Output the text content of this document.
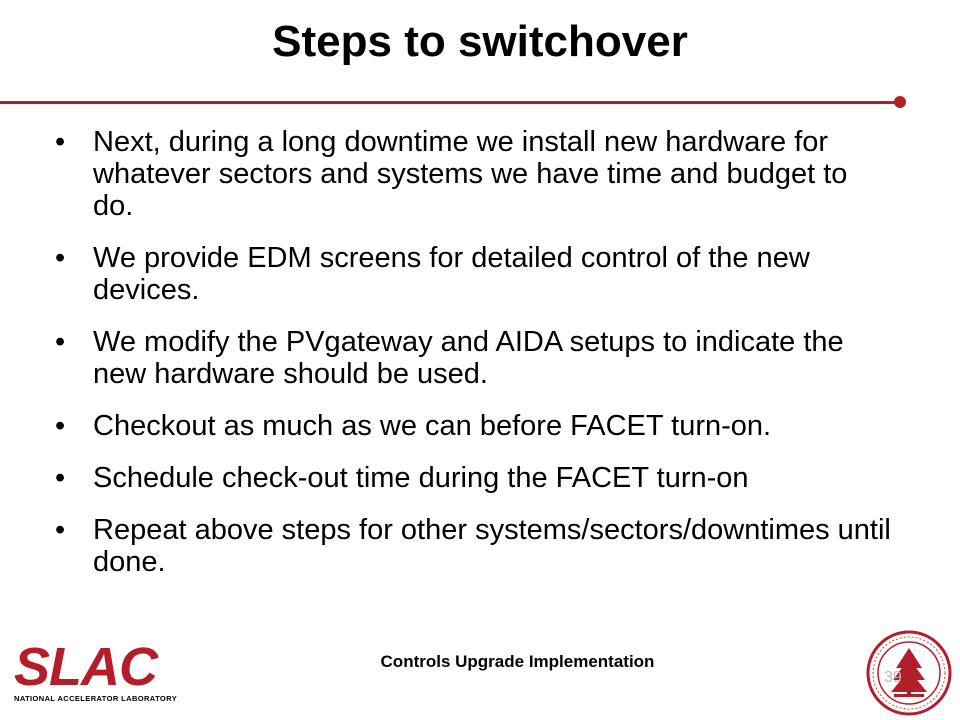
Steps to switchover
• Next, during a long downtime we install new hardware for whatever sectors and systems we have time and budget to do.
• We provide EDM screens for detailed control of the new devices.
• We modify the PVgateway and AIDA setups to indicate the new hardware should be used.
• Checkout as much as we can before FACET turn-on.
• Schedule check-out time during the FACET turn-on
• Repeat above steps for other systems/sectors/downtimes until done.
SLAC
NATIONAL ACCELERATOR LABORATORY
Controls Upgrade Implementation
39
